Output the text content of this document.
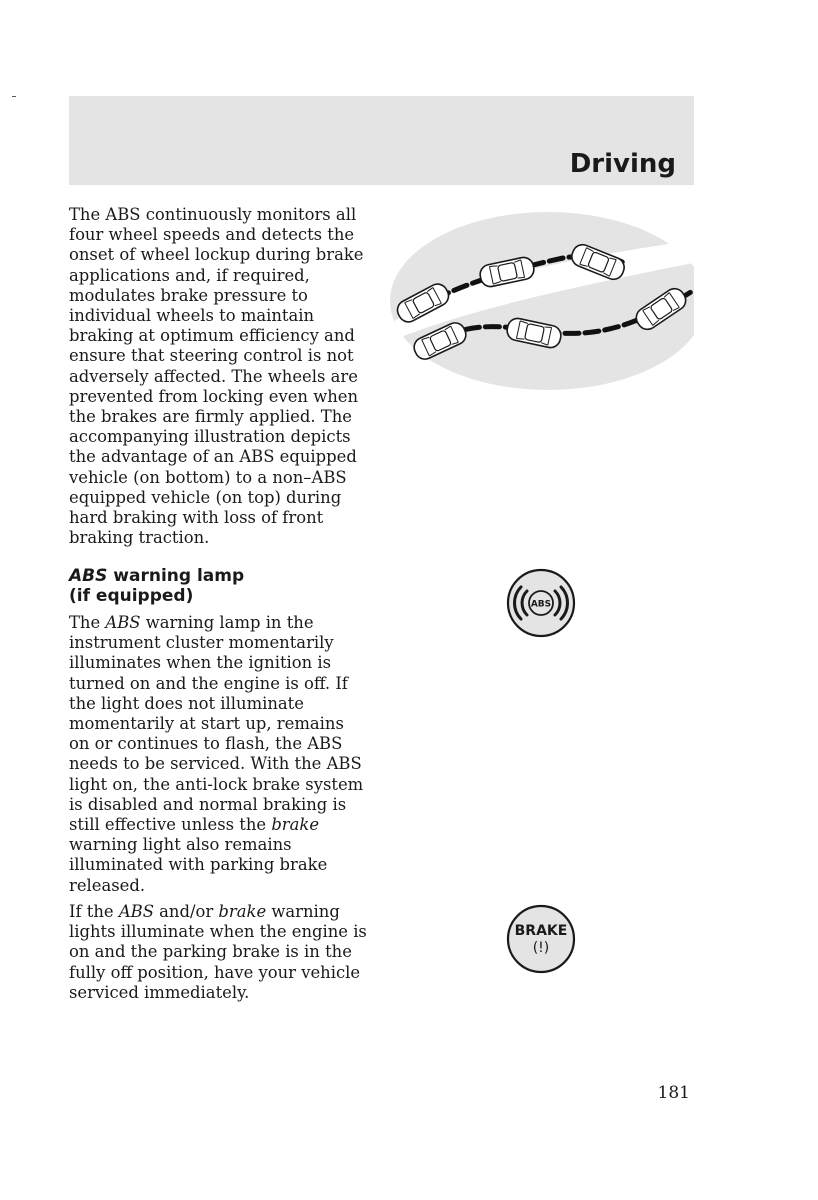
Driving

The ABS continuously monitors all four wheel speeds and detects the onset of wheel lockup during brake applications and, if required, modulates brake pressure to individual wheels to maintain braking at optimum efficiency and ensure that steering control is not adversely affected. The wheels are prevented from locking even when the brakes are firmly applied. The accompanying illustration depicts the advantage of an ABS equipped vehicle (on bottom) to a non–ABS equipped vehicle (on top) during hard braking with loss of front braking traction.

ABS warning lamp
(if equipped)	ABS

The ABS warning lamp in the instrument cluster momentarily illuminates when the ignition is turned on and the engine is off. If the light does not illuminate momentarily at start up, remains on or continues to flash, the ABS needs to be serviced. With the ABS light on, the anti-lock brake system is disabled and normal braking is still effective unless the brake warning light also remains illuminated with parking brake released.

BRAKE
(!)

If the ABS and/or brake warning lights illuminate when the engine is on and the parking brake is in the fully off position, have your vehicle serviced immediately.

181
